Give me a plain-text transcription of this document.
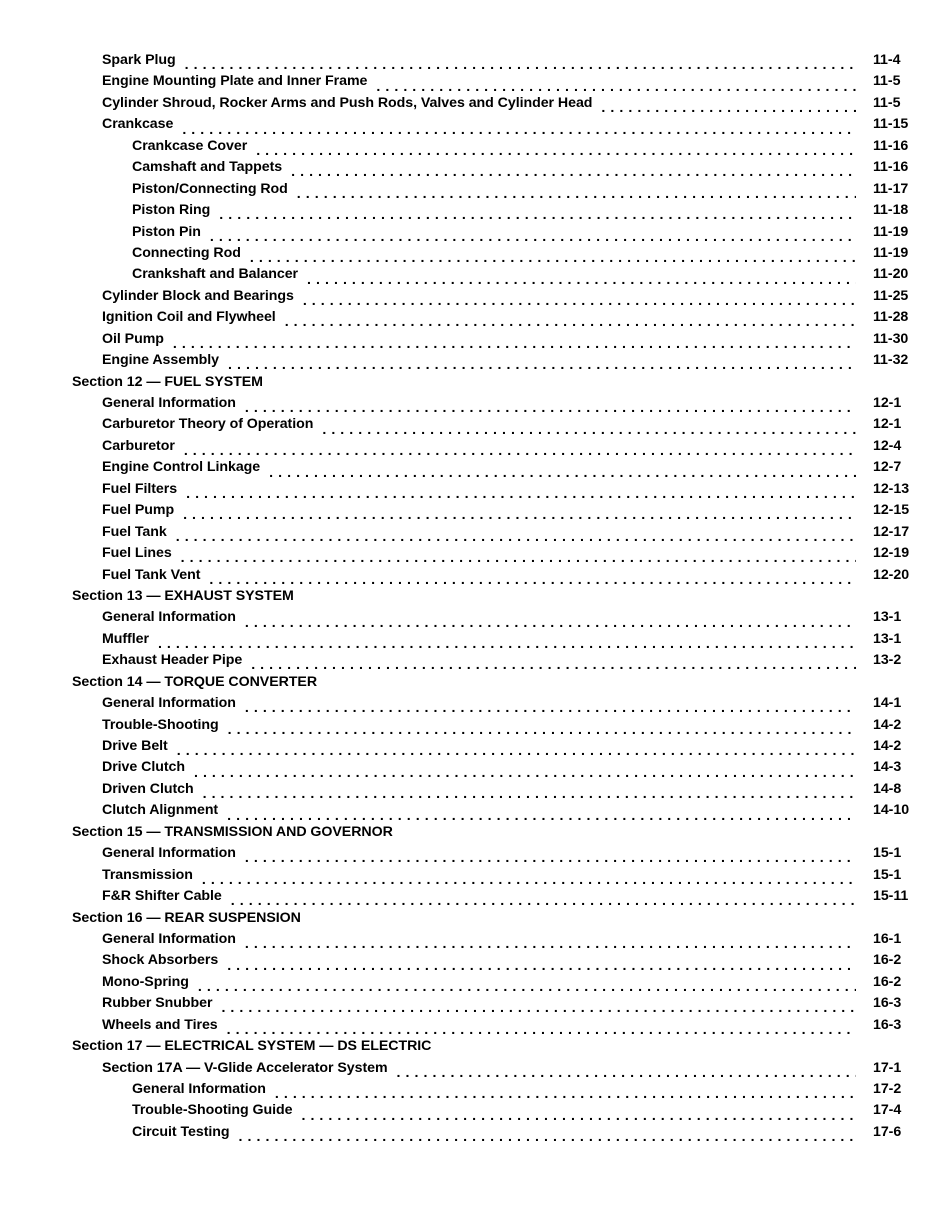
Spark Plug . . .	11-4
Engine Mounting Plate and Inner Frame . . .	11-5
Cylinder Shroud, Rocker Arms and Push Rods, Valves and Cylinder Head . . .	11-5
Crankcase . . .	11-15
Crankcase Cover . . .	11-16
Camshaft and Tappets . . .	11-16
Piston/Connecting Rod . . .	11-17
Piston Ring . . .	11-18
Piston Pin . . .	11-19
Connecting Rod . . .	11-19
Crankshaft and Balancer . . .	11-20
Cylinder Block and Bearings . . .	11-25
Ignition Coil and Flywheel . . .	11-28
Oil Pump . . .	11-30
Engine Assembly . . .	11-32
Section 12 — FUEL SYSTEM
General Information . . .	12-1
Carburetor Theory of Operation . . .	12-1
Carburetor . . .	12-4
Engine Control Linkage . . .	12-7
Fuel Filters . . .	12-13
Fuel Pump . . .	12-15
Fuel Tank . . .	12-17
Fuel Lines . . .	12-19
Fuel Tank Vent . . .	12-20
Section 13 — EXHAUST SYSTEM
General Information . . .	13-1
Muffler . . .	13-1
Exhaust Header Pipe . . .	13-2
Section 14 — TORQUE CONVERTER
General Information . . .	14-1
Trouble-Shooting . . .	14-2
Drive Belt . . .	14-2
Drive Clutch . . .	14-3
Driven Clutch . . .	14-8
Clutch Alignment . . .	14-10
Section 15 — TRANSMISSION AND GOVERNOR
General Information . . .	15-1
Transmission . . .	15-1
F&R Shifter Cable . . .	15-11
Section 16 — REAR SUSPENSION
General Information . . .	16-1
Shock Absorbers . . .	16-2
Mono-Spring . . .	16-2
Rubber Snubber . . .	16-3
Wheels and Tires . . .	16-3
Section 17 — ELECTRICAL SYSTEM — DS ELECTRIC
Section 17A — V-Glide Accelerator System . . .	17-1
General Information . . .	17-2
Trouble-Shooting Guide . . .	17-4
Circuit Testing . . .	17-6
